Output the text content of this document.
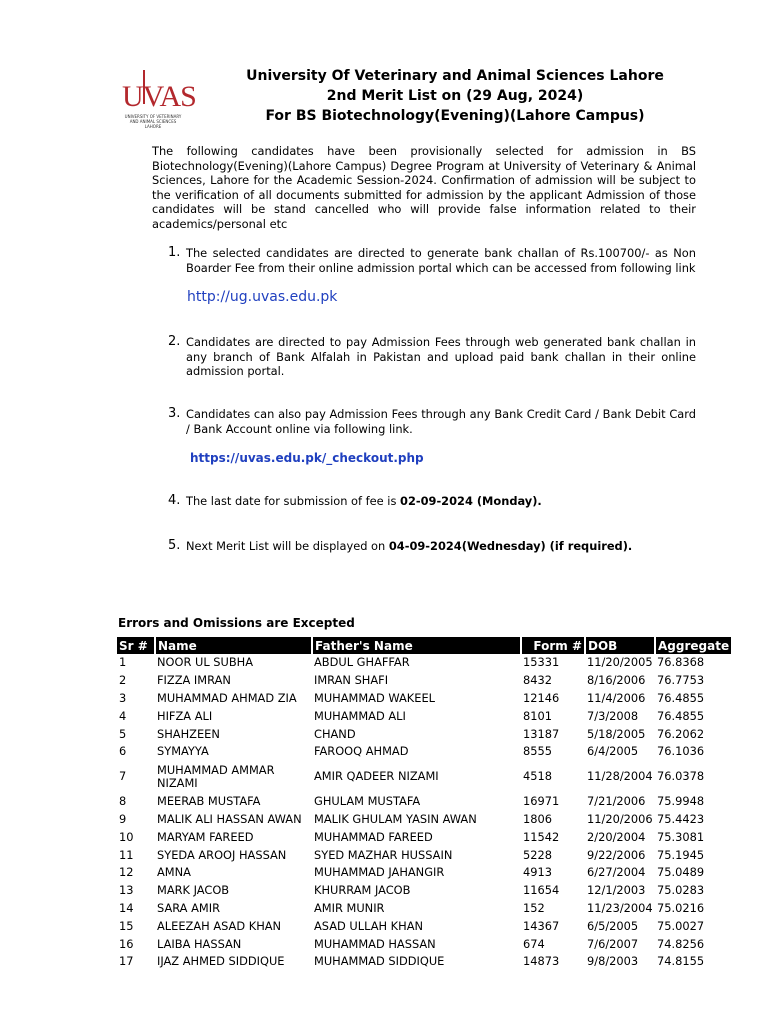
UVAS
UNIVERSITY OF VETERINARY AND ANIMAL SCIENCES LAHORE
University Of Veterinary and Animal Sciences Lahore
2nd Merit List on (29 Aug, 2024)
For BS Biotechnology(Evening)(Lahore Campus)
The following candidates have been provisionally selected for admission in BS Biotechnology(Evening)(Lahore Campus) Degree Program at University of Veterinary & Animal Sciences, Lahore for the Academic Session-2024. Confirmation of admission will be subject to the verification of all documents submitted for admission by the applicant Admission of those candidates will be stand cancelled who will provide false information related to their academics/personal etc
1. The selected candidates are directed to generate bank challan of Rs.100700/- as Non Boarder Fee from their online admission portal which can be accessed from following link
http://ug.uvas.edu.pk
2. Candidates are directed to pay Admission Fees through web generated bank challan in any branch of Bank Alfalah in Pakistan and upload paid bank challan in their online admission portal.
3. Candidates can also pay Admission Fees through any Bank Credit Card / Bank Debit Card / Bank Account online via following link.
https://uvas.edu.pk/_checkout.php
4. The last date for submission of fee is 02-09-2024 (Monday).
5. Next Merit List will be displayed on 04-09-2024(Wednesday) (if required).
Errors and Omissions are Excepted
Sr #	Name	Father's Name	Form #	DOB	Aggregate
1	NOOR UL SUBHA	ABDUL GHAFFAR	15331	11/20/2005	76.8368
2	FIZZA IMRAN	IMRAN SHAFI	8432	8/16/2006	76.7753
3	MUHAMMAD AHMAD ZIA	MUHAMMAD WAKEEL	12146	11/4/2006	76.4855
4	HIFZA ALI	MUHAMMAD ALI	8101	7/3/2008	76.4855
5	SHAHZEEN	CHAND	13187	5/18/2005	76.2062
6	SYMAYYA	FAROOQ AHMAD	8555	6/4/2005	76.1036
7	MUHAMMAD AMMAR NIZAMI	AMIR QADEER NIZAMI	4518	11/28/2004	76.0378
8	MEERAB MUSTAFA	GHULAM MUSTAFA	16971	7/21/2006	75.9948
9	MALIK ALI HASSAN AWAN	MALIK GHULAM YASIN AWAN	1806	11/20/2006	75.4423
10	MARYAM FAREED	MUHAMMAD FAREED	11542	2/20/2004	75.3081
11	SYEDA AROOJ HASSAN	SYED MAZHAR HUSSAIN	5228	9/22/2006	75.1945
12	AMNA	MUHAMMAD JAHANGIR	4913	6/27/2004	75.0489
13	MARK JACOB	KHURRAM JACOB	11654	12/1/2003	75.0283
14	SARA AMIR	AMIR MUNIR	152	11/23/2004	75.0216
15	ALEEZAH ASAD KHAN	ASAD ULLAH KHAN	14367	6/5/2005	75.0027
16	LAIBA HASSAN	MUHAMMAD HASSAN	674	7/6/2007	74.8256
17	IJAZ AHMED SIDDIQUE	MUHAMMAD SIDDIQUE	14873	9/8/2003	74.8155
